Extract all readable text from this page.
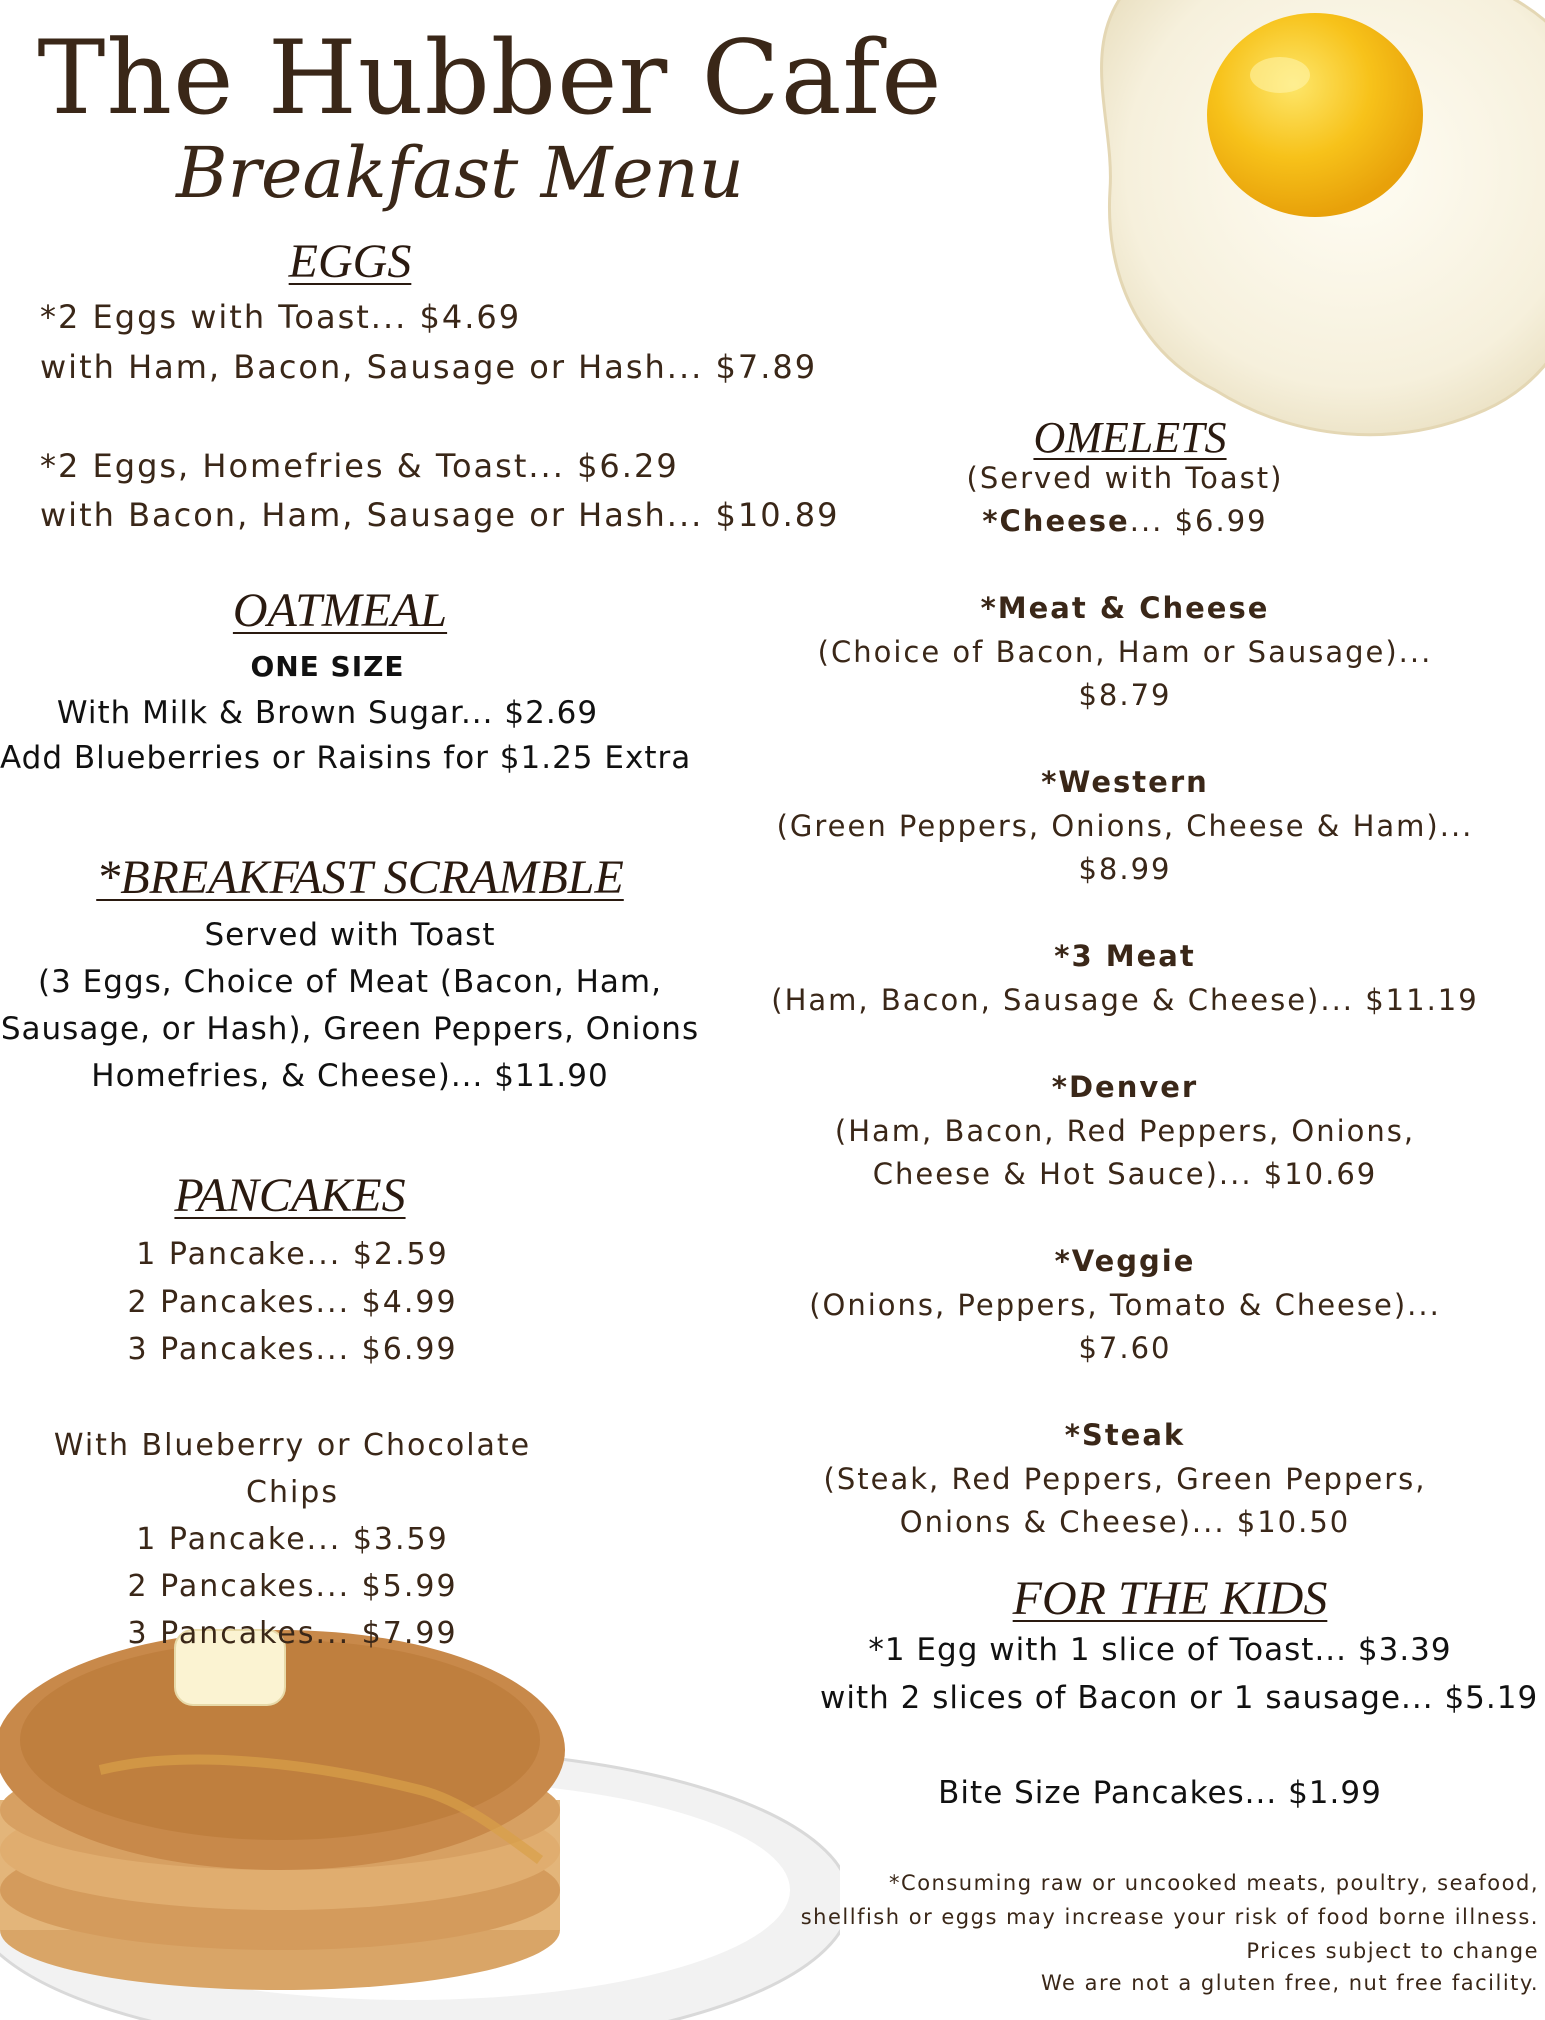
The Hubber Cafe
Breakfast Menu
EGGS
*2 Eggs with Toast... $4.69
with Ham, Bacon, Sausage or Hash... $7.89
*2 Eggs, Homefries & Toast... $6.29
with Bacon, Ham, Sausage or Hash... $10.89
OATMEAL
ONE SIZE
With Milk & Brown Sugar... $2.69
Add Blueberries or Raisins for $1.25 Extra
*BREAKFAST SCRAMBLE
Served with Toast
(3 Eggs, Choice of Meat (Bacon, Ham,
Sausage, or Hash), Green Peppers, Onions
Homefries, & Cheese)... $11.90
PANCAKES
1 Pancake... $2.59
2 Pancakes... $4.99
3 Pancakes... $6.99
With Blueberry or Chocolate
Chips
1 Pancake... $3.59
2 Pancakes... $5.99
3 Pancakes... $7.99
OMELETS
(Served with Toast)
*Cheese... $6.99
*Meat & Cheese
(Choice of Bacon, Ham or Sausage)...
$8.79
*Western
(Green Peppers, Onions, Cheese & Ham)...
$8.99
*3 Meat
(Ham, Bacon, Sausage & Cheese)... $11.19
*Denver
(Ham, Bacon, Red Peppers, Onions,
Cheese & Hot Sauce)... $10.69
*Veggie
(Onions, Peppers, Tomato & Cheese)...
$7.60
*Steak
(Steak, Red Peppers, Green Peppers,
Onions & Cheese)... $10.50
FOR THE KIDS
*1 Egg with 1 slice of Toast... $3.39
with 2 slices of Bacon or 1 sausage... $5.19
Bite Size Pancakes... $1.99
*Consuming raw or uncooked meats, poultry, seafood,
shellfish or eggs may increase your risk of food borne illness.
Prices subject to change
We are not a gluten free, nut free facility.
